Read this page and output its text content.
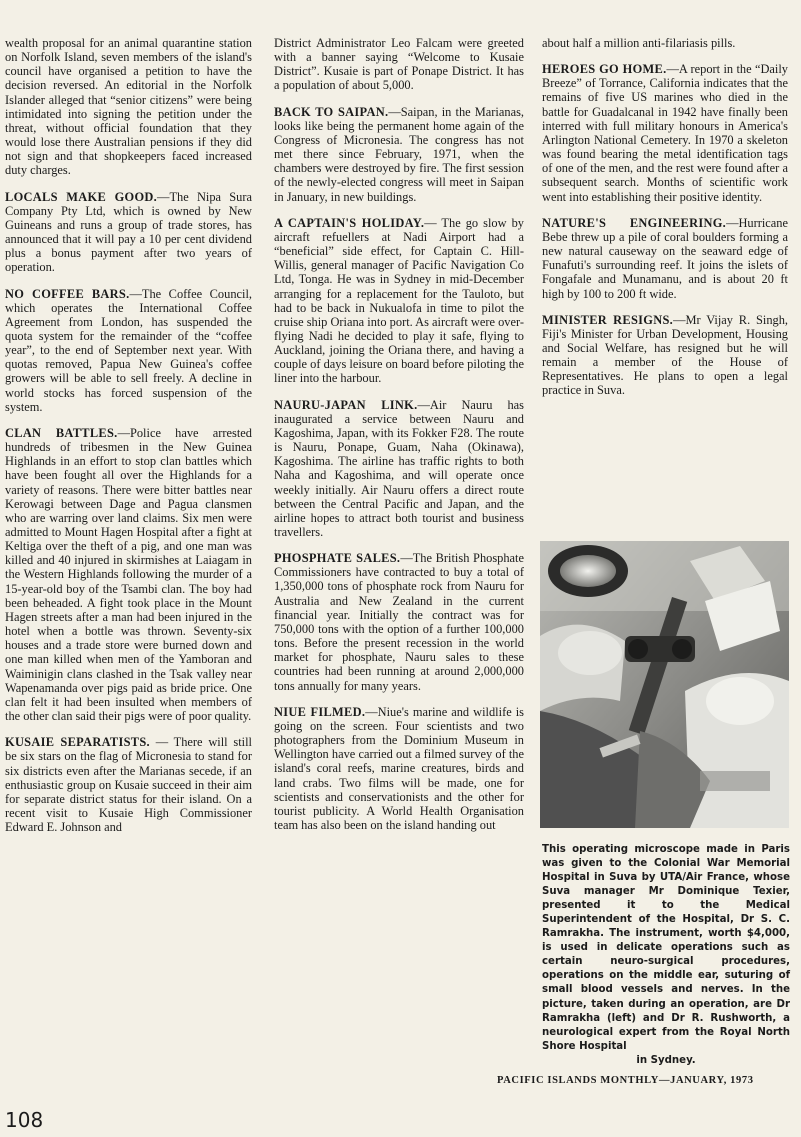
wealth proposal for an animal quarantine station on Norfolk Island, seven members of the island's council have organised a petition to have the decision reversed. An editorial in the Norfolk Islander alleged that “senior citizens” were being intimidated into signing the petition under the threat, without official foundation that they would lose there Australian pensions if they did not sign and that shopkeepers faced increased duty charges.

LOCALS MAKE GOOD.—The Nipa Sura Company Pty Ltd, which is owned by New Guineans and runs a group of trade stores, has announced that it will pay a 10 per cent dividend plus a bonus payment after two years of operation.

NO COFFEE BARS.—The Coffee Council, which operates the International Coffee Agreement from London, has suspended the quota system for the remainder of the “coffee year”, to the end of September next year. With quotas removed, Papua New Guinea's coffee growers will be able to sell freely. A decline in world stocks has forced suspension of the system.

CLAN BATTLES.—Police have arrested hundreds of tribesmen in the New Guinea Highlands in an effort to stop clan battles which have been fought all over the Highlands for a variety of reasons. There were bitter battles near Kerowagi between Dage and Pagua clansmen who are warring over land claims. Six men were admitted to Mount Hagen Hospital after a fight at Keltiga over the theft of a pig, and one man was killed and 40 injured in skirmishes at Laiagam in the Western Highlands following the murder of a 15-year-old boy of the Tsambi clan. The boy had been beheaded. A fight took place in the Mount Hagen streets after a man had been injured in the hotel when a bottle was thrown. Seventy-six houses and a trade store were burned down and one man killed when men of the Yamboran and Waiminigin clans clashed in the Tsak valley near Wapenamanda over pigs paid as bride price. One clan felt it had been insulted when members of the other clan said their pigs were of poor quality.

KUSAIE SEPARATISTS. — There will still be six stars on the flag of Micronesia to stand for six districts even after the Marianas secede, if an enthusiastic group on Kusaie succeed in their aim for separate district status for their island. On a recent visit to Kusaie High Commissioner Edward E. Johnson and

District Administrator Leo Falcam were greeted with a banner saying “Welcome to Kusaie District”. Kusaie is part of Ponape District. It has a population of about 5,000.

BACK TO SAIPAN.—Saipan, in the Marianas, looks like being the permanent home again of the Congress of Micronesia. The congress has not met there since February, 1971, when the chambers were destroyed by fire. The first session of the newly-elected congress will meet in Saipan in January, in new buildings.

A CAPTAIN'S HOLIDAY.— The go slow by aircraft refuellers at Nadi Airport had a “beneficial” side effect, for Captain C. Hill-Willis, general manager of Pacific Navigation Co Ltd, Tonga. He was in Sydney in mid-December arranging for a replacement for the Tauloto, but had to be back in Nukualofa in time to pilot the cruise ship Oriana into port. As aircraft were over-flying Nadi he decided to play it safe, flying to Auckland, joining the Oriana there, and having a couple of days leisure on board before piloting the liner into the harbour.

NAURU-JAPAN LINK.—Air Nauru has inaugurated a service between Nauru and Kagoshima, Japan, with its Fokker F28. The route is Nauru, Ponape, Guam, Naha (Okinawa), Kagoshima. The airline has traffic rights to both Naha and Kagoshima, and will operate once weekly initially. Air Nauru offers a direct route between the Central Pacific and Japan, and the airline hopes to attract both tourist and business travellers.

PHOSPHATE SALES.—The British Phosphate Commissioners have contracted to buy a total of 1,350,000 tons of phosphate rock from Nauru for Australia and New Zealand in the current financial year. Initially the contract was for 750,000 tons with the option of a further 100,000 tons. Before the present recession in the world market for phosphate, Nauru sales to these countries had been running at around 2,000,000 tons annually for many years.

NIUE FILMED.—Niue's marine and wildlife is going on the screen. Four scientists and two photographers from the Dominium Museum in Wellington have carried out a filmed survey of the island's coral reefs, marine creatures, birds and land crabs. Two films will be made, one for scientists and conservationists and the other for tourist publicity. A World Health Organisation team has also been on the island handing out

about half a million anti-filariasis pills.

HEROES GO HOME.—A report in the “Daily Breeze” of Torrance, California indicates that the remains of five US marines who died in the battle for Guadalcanal in 1942 have finally been interred with full military honours in America's Arlington National Cemetery. In 1970 a skeleton was found bearing the metal identification tags of one of the men, and the rest were found after a subsequent search. Months of scientific work went into establishing their positive identity.

NATURE'S ENGINEERING.—Hurricane Bebe threw up a pile of coral boulders forming a new natural causeway on the seaward edge of Funafuti's surrounding reef. It joins the islets of Fongafale and Munamanu, and is about 20 ft high by 100 to 200 ft wide.

MINISTER RESIGNS.—Mr Vijay R. Singh, Fiji's Minister for Urban Development, Housing and Social Welfare, has resigned but he will remain a member of the House of Representatives. He plans to open a legal practice in Suva.

This operating microscope made in Paris was given to the Colonial War Memorial Hospital in Suva by UTA/Air France, whose Suva manager Mr Dominique Texier, presented it to the Medical Superintendent of the Hospital, Dr S. C. Ramrakha. The instrument, worth $4,000, is used in delicate operations such as certain neuro-surgical procedures, operations on the middle ear, suturing of small blood vessels and nerves. In the picture, taken during an operation, are Dr Ramrakha (left) and Dr R. Rushworth, a neurological expert from the Royal North Shore Hospital
in Sydney.
PACIFIC ISLANDS MONTHLY—JANUARY, 1973
108
